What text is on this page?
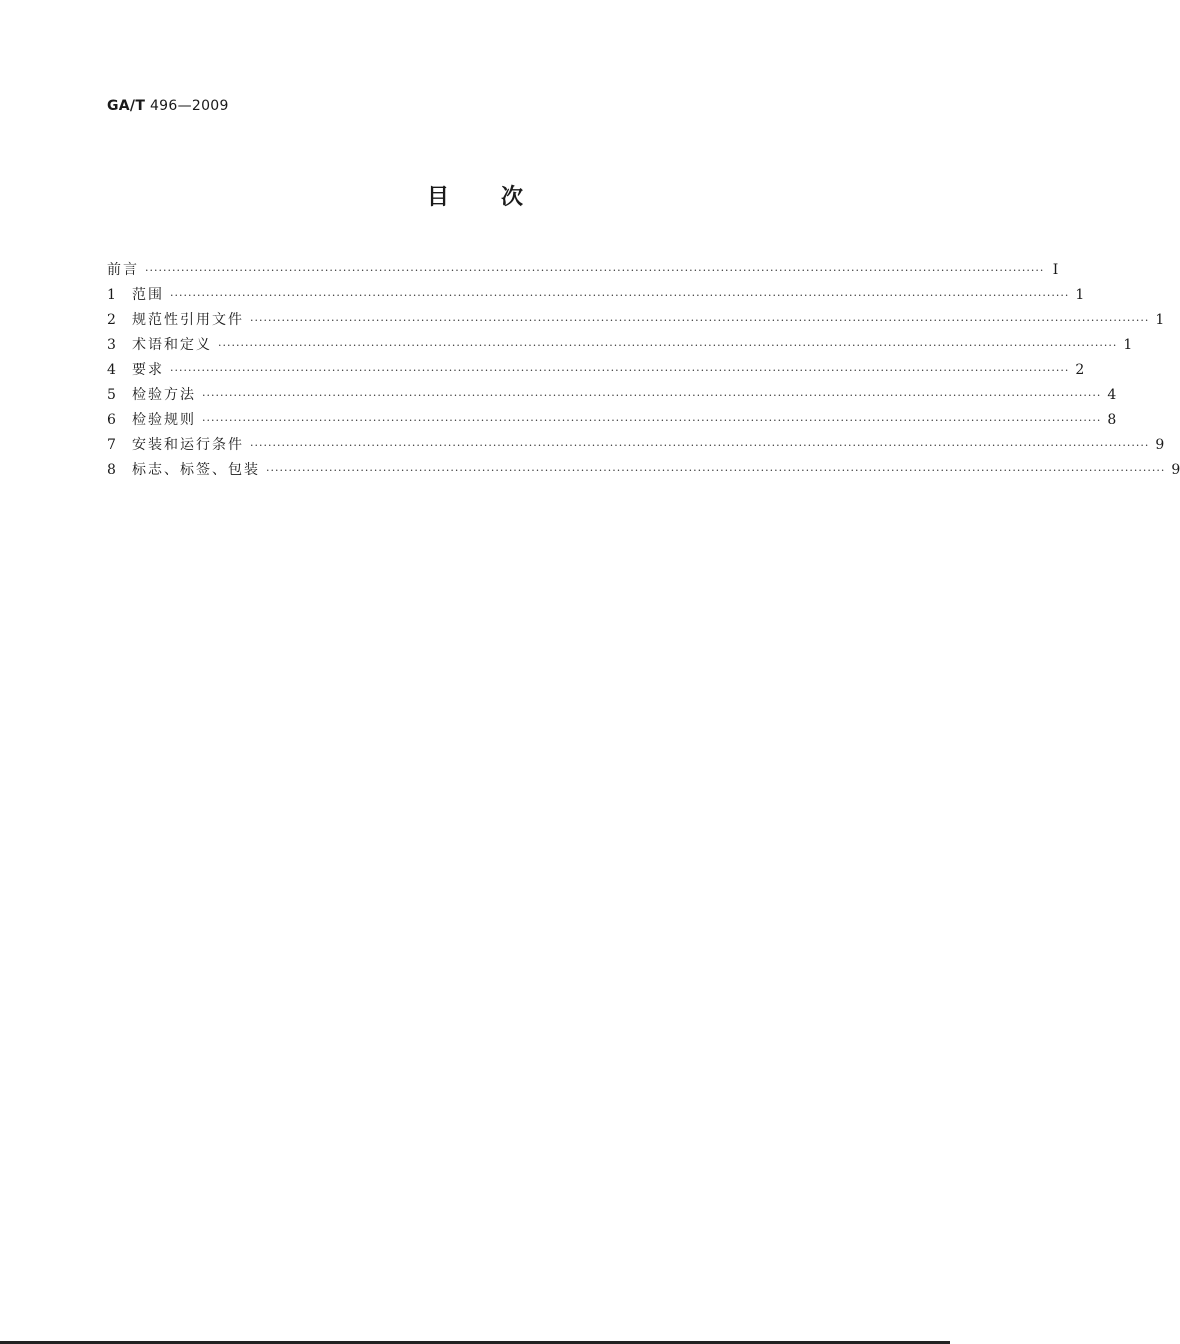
GA/T 496—2009
目次
前言 ········································································································································································································ Ⅰ
1	范围 ········································································································································································································ 1
2	规范性引用文件 ········································································································································································································ 1
3	术语和定义 ········································································································································································································ 1
4	要求 ········································································································································································································ 2
5	检验方法 ········································································································································································································ 4
6	检验规则 ········································································································································································································ 8
7	安装和运行条件 ········································································································································································································ 9
8	标志、标签、包装 ········································································································································································································ 9
